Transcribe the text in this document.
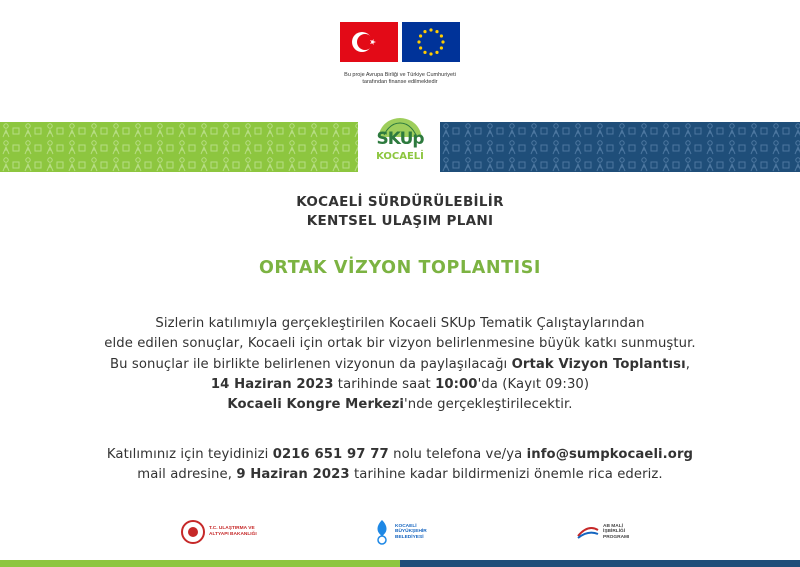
Bu proje Avrupa Birliği ve Türkiye Cumhuriyeti
tarafından finanse edilmektedir
SKUp
KOCAELİ
KOCAELİ SÜRDÜRÜLEBİLİR
KENTSEL ULAŞIM PLANI
ORTAK VİZYON TOPLANTISI
Sizlerin katılımıyla gerçekleştirilen Kocaeli SKUp Tematik Çalıştaylarından
elde edilen sonuçlar, Kocaeli için ortak bir vizyon belirlenmesine büyük katkı sunmuştur.
Bu sonuçlar ile birlikte belirlenen vizyonun da paylaşılacağı Ortak Vizyon Toplantısı,
14 Haziran 2023 tarihinde saat 10:00'da (Kayıt 09:30)
Kocaeli Kongre Merkezi'nde gerçekleştirilecektir.
Katılımınız için teyidinizi 0216 651 97 77 nolu telefona ve/ya info@sumpkocaeli.org
mail adresine, 9 Haziran 2023 tarihine kadar bildirmenizi önemle rica ederiz.
T.C. ULAŞTIRMA VE
ALTYAPI BAKANLIĞI
KOCAELİ
BÜYÜKŞEHİR
BELEDİYESİ
AB MALİ
İŞBİRLİĞİ
PROGRAMI
